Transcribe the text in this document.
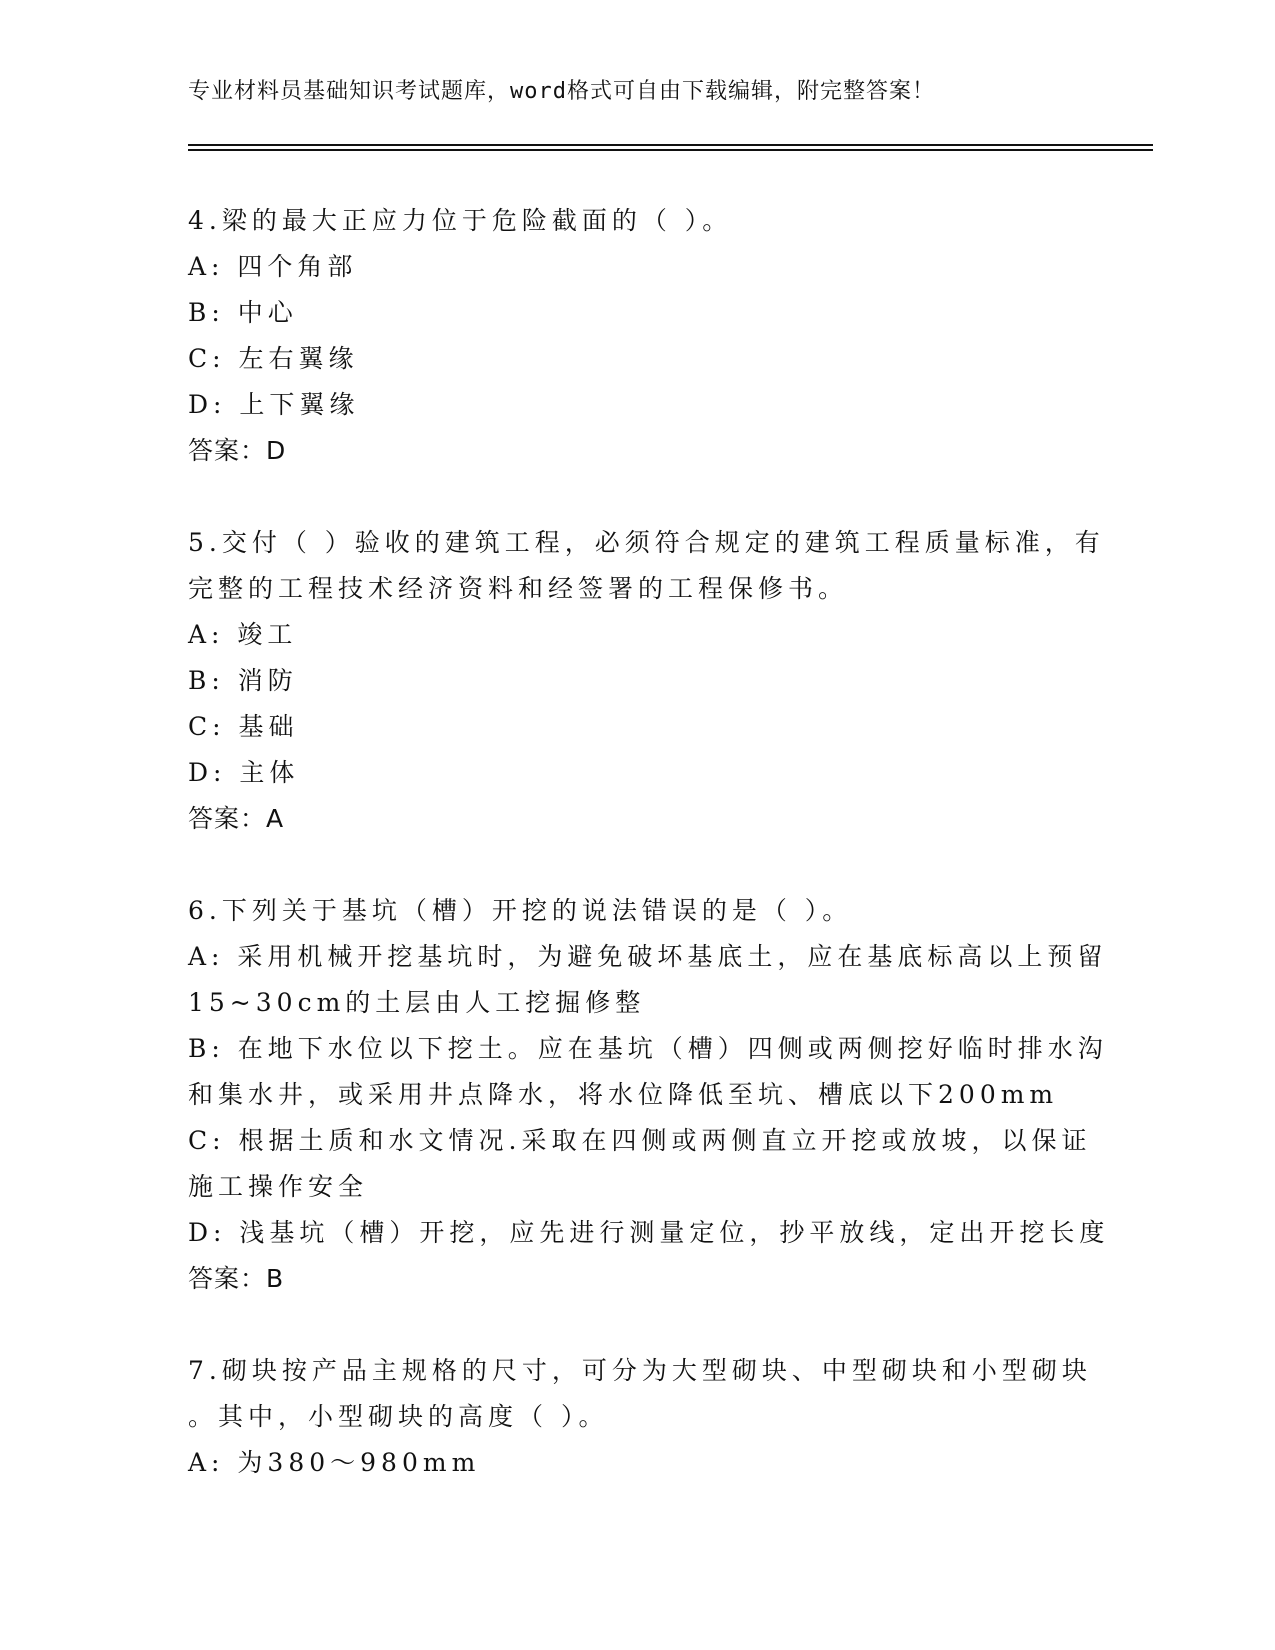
专业材料员基础知识考试题库，word格式可自由下载编辑，附完整答案！
4.梁的最大正应力位于危险截面的（ ）。
A: 四个角部
B: 中心
C: 左右翼缘
D: 上下翼缘
答案：D
5.交付（ ）验收的建筑工程，必须符合规定的建筑工程质量标准，有
完整的工程技术经济资料和经签署的工程保修书。
A: 竣工
B: 消防
C: 基础
D: 主体
答案：A
6.下列关于基坑（槽）开挖的说法错误的是（ ）。
A: 采用机械开挖基坑时，为避免破坏基底土，应在基底标高以上预留
15~30cm的土层由人工挖掘修整
B: 在地下水位以下挖土。应在基坑（槽）四侧或两侧挖好临时排水沟
和集水井，或采用井点降水，将水位降低至坑、槽底以下200mm
C: 根据土质和水文情况.采取在四侧或两侧直立开挖或放坡，以保证
施工操作安全
D: 浅基坑（槽）开挖，应先进行测量定位，抄平放线，定出开挖长度
答案：B
7.砌块按产品主规格的尺寸，可分为大型砌块、中型砌块和小型砌块
。其中，小型砌块的高度（ ）。
A: 为380～980mm
